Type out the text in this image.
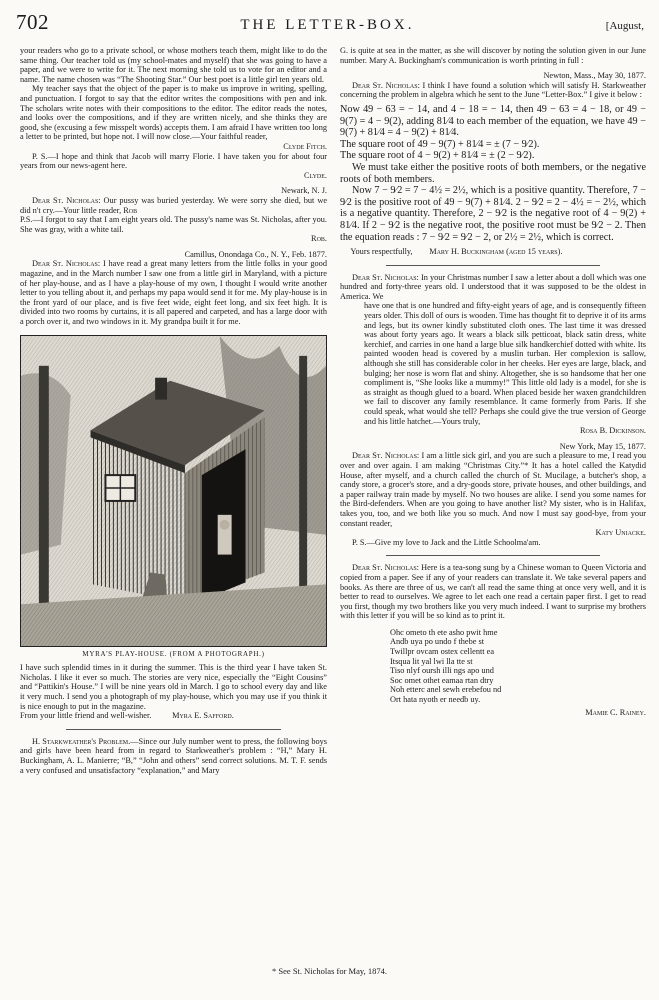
702	THE LETTER-BOX.	[August,

your readers who go to a private school, or whose mothers teach them, might like to do the same thing. Our teacher told us (my school-mates and myself) that she was going to have a paper, and we were to write for it. The next morning she told us to vote for an editor and a name. The name chosen was “The Shooting Star.” Our best poet is a little girl ten years old.

My teacher says that the object of the paper is to make us improve in writing, spelling, and punctuation. I forgot to say that the editor writes the compositions with pen and ink. The scholars write notes with their compositions to the editor. The editor reads the notes, and looks over the compositions, and if they are written nicely, and she thinks they are good, she (excusing a few misspelt words) accepts them. I am afraid I have written too long a letter to be printed, but hope not. I will now close.—Your faithful reader,

Clyde Fitch.

P. S.—I hope and think that Jacob will marry Florie. I have taken you for about four years from our news-agent here.

Clyde.
Newark, N. J.

Dear St. Nicholas: Our pussy was buried yesterday. We were sorry she died, but we did n't cry.—Your little reader, Rob

P.S.—I forgot to say that I am eight years old. The pussy's name was St. Nicholas, after you. She was gray, with a white tail.

Rob.
Camillus, Onondaga Co., N. Y., Feb. 1877.

Dear St. Nicholas: I have read a great many letters from the little folks in your good magazine, and in the March number I saw one from a little girl in Maryland, with a picture of her play-house, and as I have a play-house of my own, I thought I would write another letter to you telling about it, and perhaps my papa would send it for me. My play-house is in the front yard of our place, and is five feet wide, eight feet long, and six feet high. It is divided into two rooms by curtains, it is all papered and carpeted, and has a large door with a porch over it, and two windows in it. My grandpa built it for me.

MYRA'S PLAY-HOUSE. (FROM A PHOTOGRAPH.)

I have such splendid times in it during the summer. This is the third year I have taken St. Nicholas. I like it ever so much. The stories are very nice, especially the “Eight Cousins” and “Pattikin's House.” I will be nine years old in March. I go to school every day and like it very much. I send you a photograph of my play-house, which you may use if you think it is nice enough to put in the magazine.

From your little friend and well-wisher.	Myra E. Safford.

H. Starkweather's Problem.—Since our July number went to press, the following boys and girls have been heard from in regard to Starkweather's problem : “H,” Mary H. Buckingham, A. L. Manierre; “B,” “John and others” send correct solutions. M. T. F. sends a very confused and unsatisfactory “explanation,” and Mary

G. is quite at sea in the matter, as she will discover by noting the solution given in our June number. Mary A. Buckingham's communication is worth printing in full :

Newton, Mass., May 30, 1877.

Dear St. Nicholas: I think I have found a solution which will satisfy H. Starkweather concerning the problem in algebra which he sent to the June “Letter-Box.” I give it below :

Now 49 − 63 = − 14, and 4 − 18 = − 14, then 49 − 63 = 4 − 18, or 49 − 9(7) = 4 − 9(2), adding 81⁄4 to each member of the equation, we have 49 − 9(7) + 81⁄4 = 4 − 9(2) + 81⁄4.

The square root of 49 − 9(7) + 81⁄4 = ± (7 − 9⁄2).

The square root of 4 − 9(2) + 81⁄4 = ± (2 − 9⁄2).

We must take either the positive roots of both members, or the negative roots of both members.

Now 7 − 9⁄2 = 7 − 4½ = 2½, which is a positive quantity. Therefore, 7 − 9⁄2 is the positive root of 49 − 9(7) + 81⁄4. 2 − 9⁄2 = 2 − 4½ = − 2½, which is a negative quantity. Therefore, 2 − 9⁄2 is the negative root of 4 − 9(2) + 81⁄4. If 2 − 9⁄2 is the negative root, the positive root must be 9⁄2 − 2. Then the equation reads : 7 − 9⁄2 = 9⁄2 − 2, or 2½ = 2½, which is correct.

Yours respectfully, Mary H. Buckingham (aged 15 years).

Dear St. Nicholas: In your Christmas number I saw a letter about a doll which was one hundred and forty-three years old. I understood that it was supposed to be the oldest in America. We

have one that is one hundred and fifty-eight years of age, and is consequently fifteen years older. This doll of ours is wooden. Time has thought fit to deprive it of its arms and legs, but its owner kindly substituted cloth ones. The last time it was dressed was about forty years ago. It wears a black silk petticoat, black satin dress, white kerchief, and carries in one hand a large blue silk handkerchief dotted with white. Its painted wooden head is covered by a muslin turban. Her complexion is sallow, although she still has considerable color in her cheeks. Her eyes are large, black, and bulging; her nose is worn flat and shiny. Altogether, she is so handsome that her one compliment is, “She looks like a mummy!” This little old lady is a model, for she is as straight as though glued to a board. When placed beside her waxen grandchildren we fail to discover any family resemblance. It came formerly from Paris. If she could speak, what would she tell? Perhaps she could give the true version of George and his little hatchet.—Yours truly,

Rosa B. Dickinson.
New York, May 15, 1877.

Dear St. Nicholas: I am a little sick girl, and you are such a pleasure to me, I read you over and over again. I am making “Christmas City.”* It has a hotel called the Katydid House, after myself, and a church called the church of St. Mucilage, a butcher's shop, a candy store, a grocer's store, and a dry-goods store, private houses, and other buildings, and a paper railway train made by myself. No two houses are alike. I send you some names for the Bird-defenders. When are you going to have another list? My sister, who is in Halifax, takes you, too, and we both like you so much. And now I must say good-bye, from your constant reader,

Katy Uniacke.

P. S.—Give my love to Jack and the Little Schoolma'am.

Dear St. Nicholas: Here is a tea-song sung by a Chinese woman to Queen Victoria and copied from a paper. See if any of your readers can translate it. We take several papers and books. As there are three of us, we can't all read the same thing at once very well, and it is better to read to ourselves. We agree to let each one read a certain paper first. I get to read you first, though my two brothers like you very much indeed. I want to surprise my brothers with this letter if you will be so kind as to print it.

Ohc ometo th ete asho pwit hme
Andb uya po undo f thebe st
Twillpr ovcam ostex cellentt ea
Itsqua lit yal lwi lla tte st
Tiso nlyf oursh illi ngs apo und
Soc omet othet eamaa rtan dtry
Noh etterc anel sewh erebefou nd
Ort hata nyoth er needb uy.
Mamie C. Rainey.
* See St. Nicholas for May, 1874.
